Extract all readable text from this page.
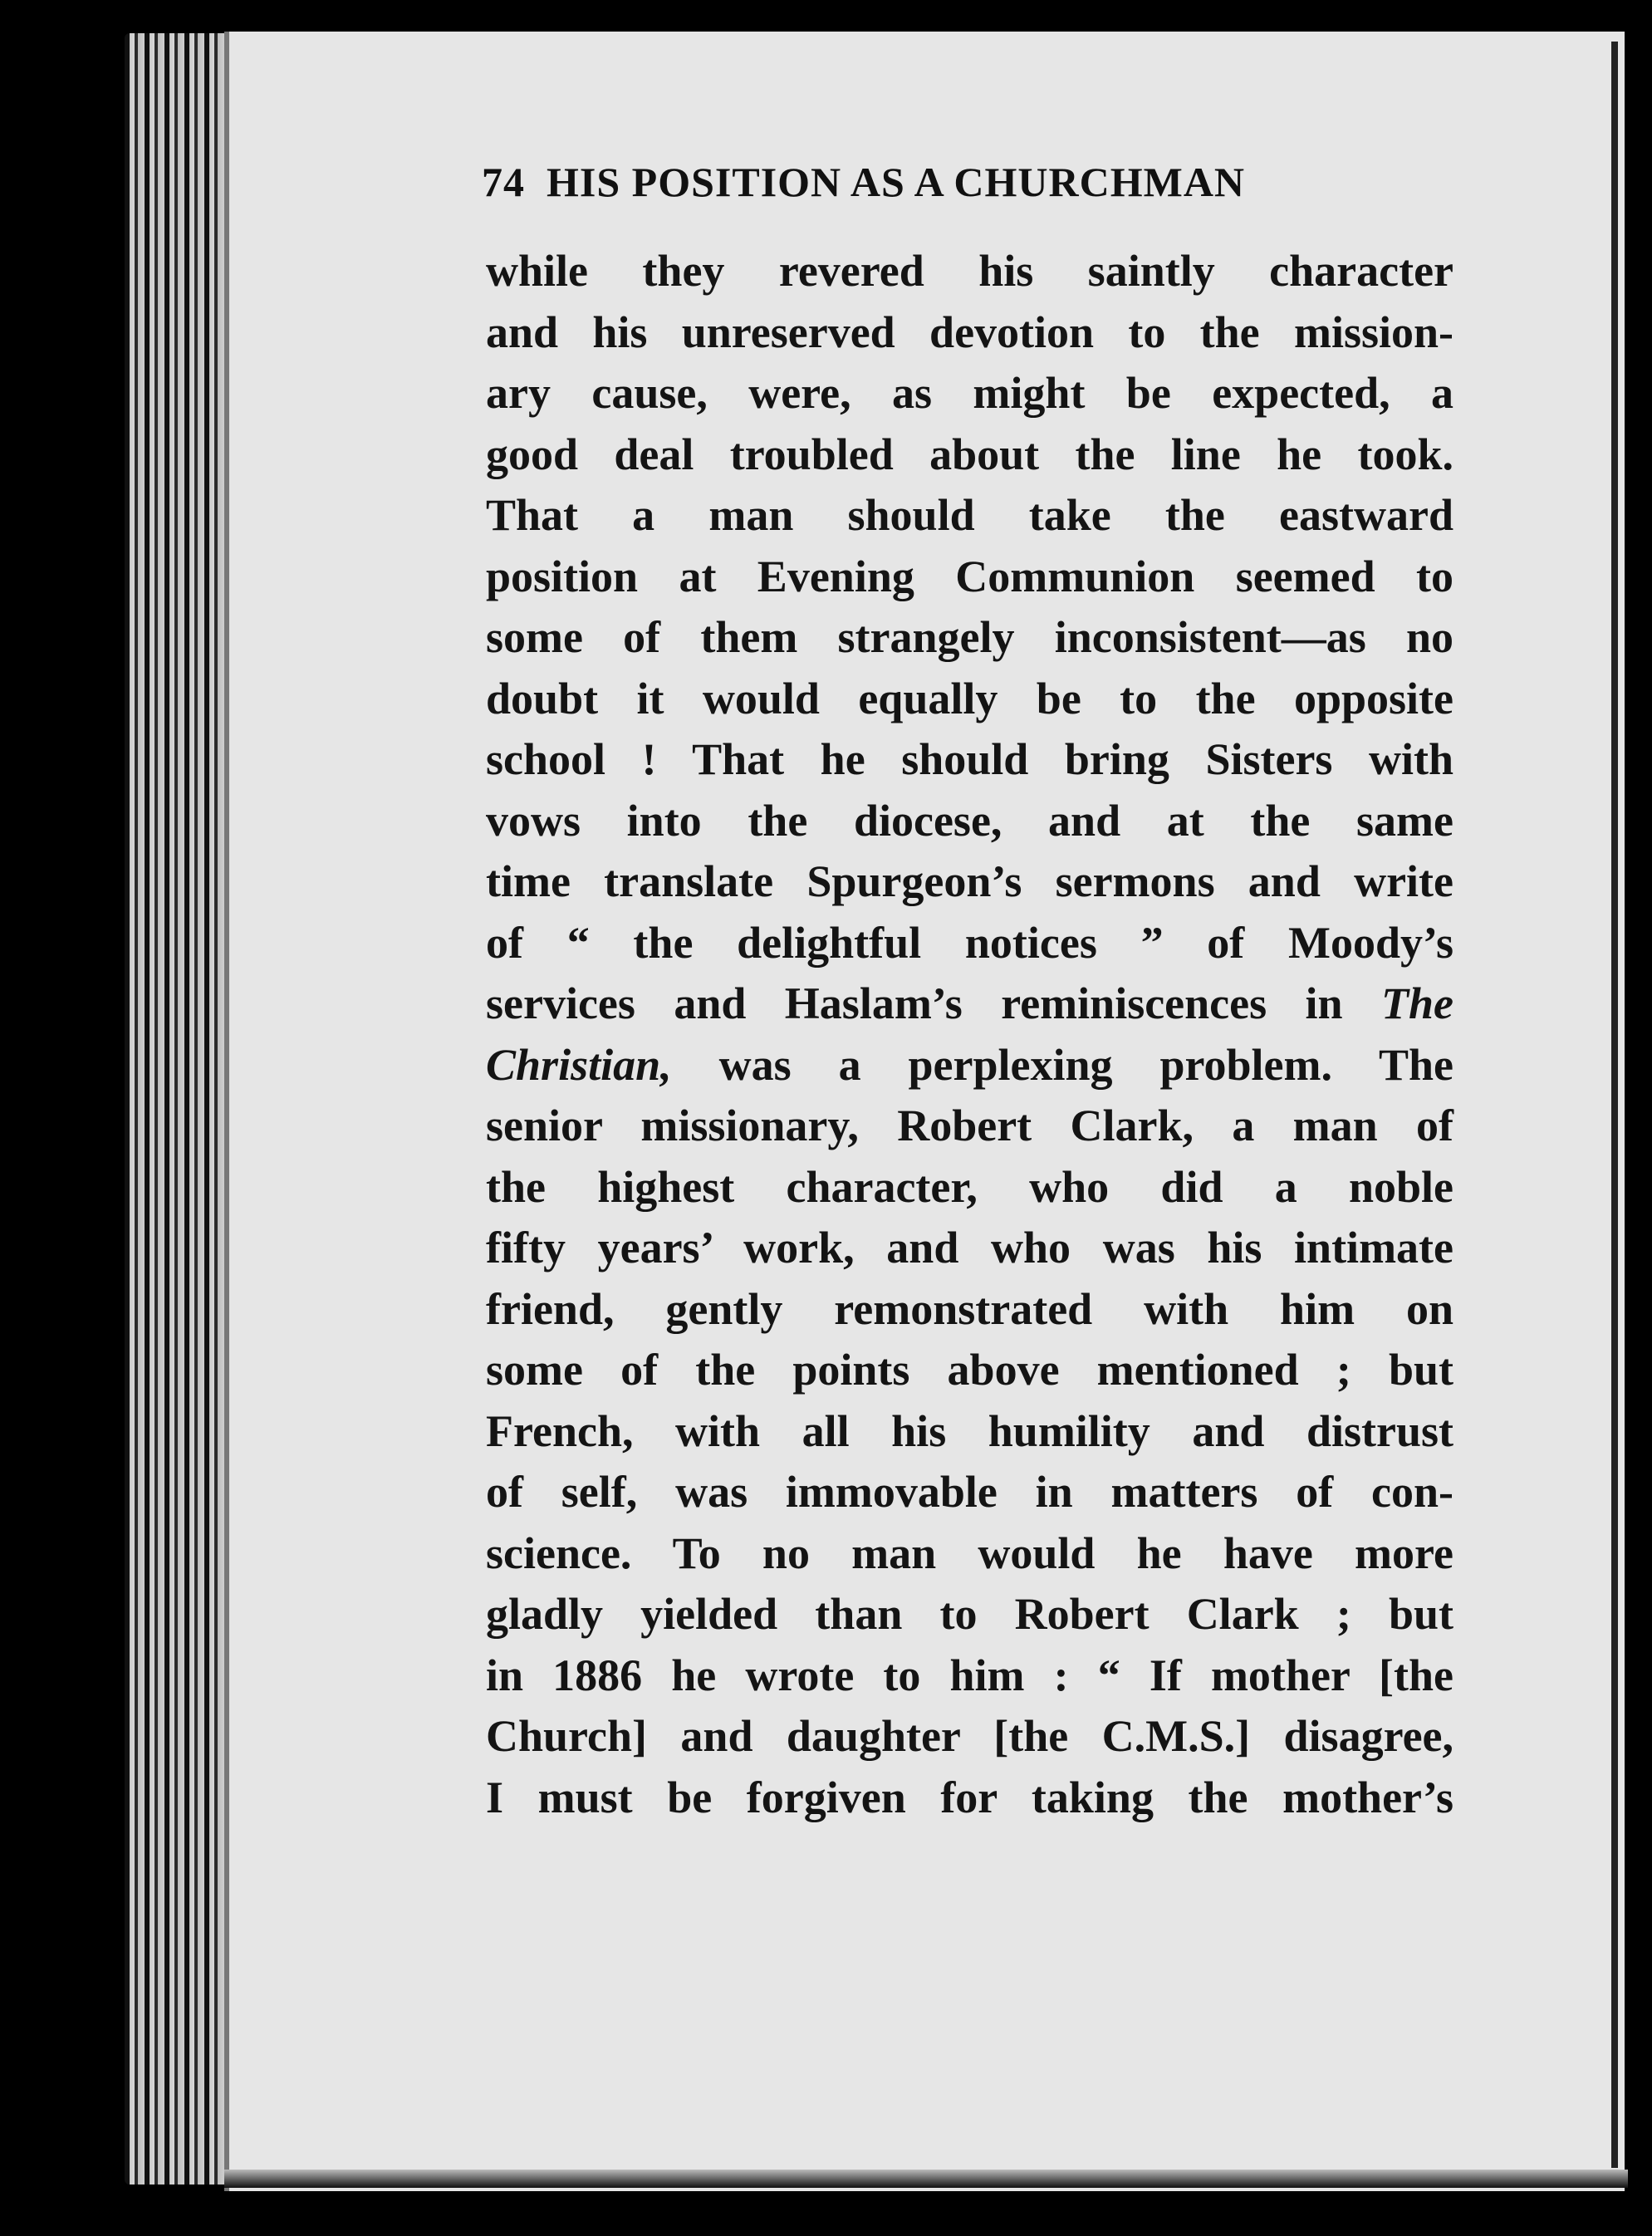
74 HIS POSITION AS A CHURCHMAN
while they revered his saintly character
and his unreserved devotion to the mission-
ary cause, were, as might be expected, a
good deal troubled about the line he took.
That a man should take the eastward
position at Evening Communion seemed to
some of them strangely inconsistent—as no
doubt it would equally be to the opposite
school ! That he should bring Sisters with
vows into the diocese, and at the same
time translate Spurgeon’s sermons and write
of “ the delightful notices ” of Moody’s
services and Haslam’s reminiscences in The
Christian, was a perplexing problem. The
senior missionary, Robert Clark, a man of
the highest character, who did a noble
fifty years’ work, and who was his intimate
friend, gently remonstrated with him on
some of the points above mentioned ; but
French, with all his humility and distrust
of self, was immovable in matters of con-
science. To no man would he have more
gladly yielded than to Robert Clark ; but
in 1886 he wrote to him : “ If mother [the
Church] and daughter [the C.M.S.] disagree,
I must be forgiven for taking the mother’s
